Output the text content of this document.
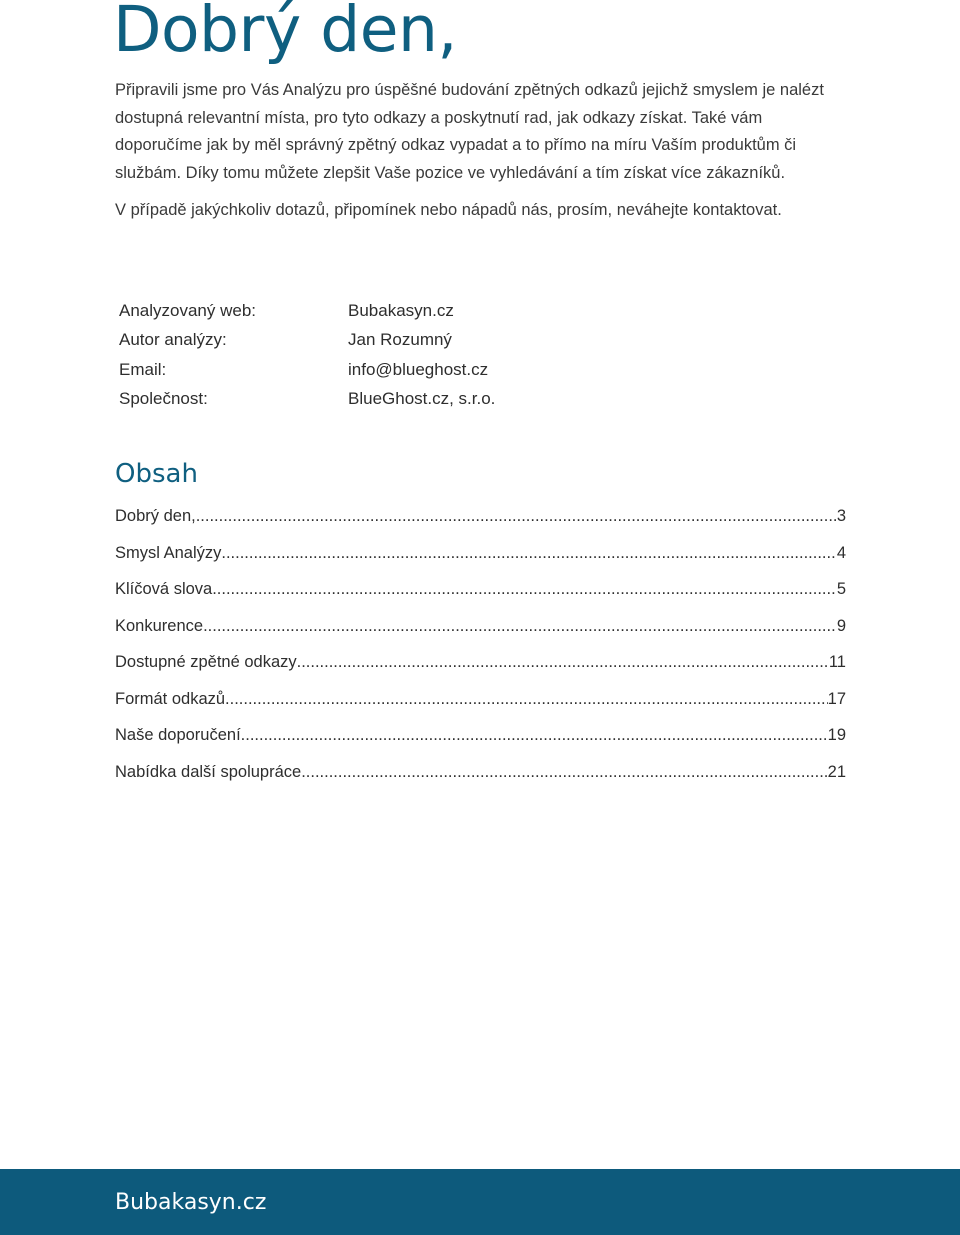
Dobrý den,

Připravili jsme pro Vás Analýzu pro úspěšné budování zpětných odkazů jejichž smyslem je nalézt dostupná relevantní místa, pro tyto odkazy a poskytnutí rad, jak odkazy získat. Také vám doporučíme jak by měl správný zpětný odkaz vypadat a to přímo na míru Vaším produktům či službám. Díky tomu můžete zlepšit Vaše pozice ve vyhledávání a tím získat více zákazníků.

V případě jakýchkoliv dotazů, připomínek nebo nápadů nás, prosím, neváhejte kontaktovat.

Analyzovaný web:	Bubakasyn.cz
Autor analýzy:	Jan Rozumný
Email:	info@blueghost.cz
Společnost:	BlueGhost.cz, s.r.o.
Obsah
Dobrý den, .....	3
Smysl Analýzy .....	4
Klíčová slova .....	5
Konkurence .....	9
Dostupné zpětné odkazy .....	11
Formát odkazů .....	17
Naše doporučení .....	19
Nabídka další spolupráce .....	21
Bubakasyn.cz
